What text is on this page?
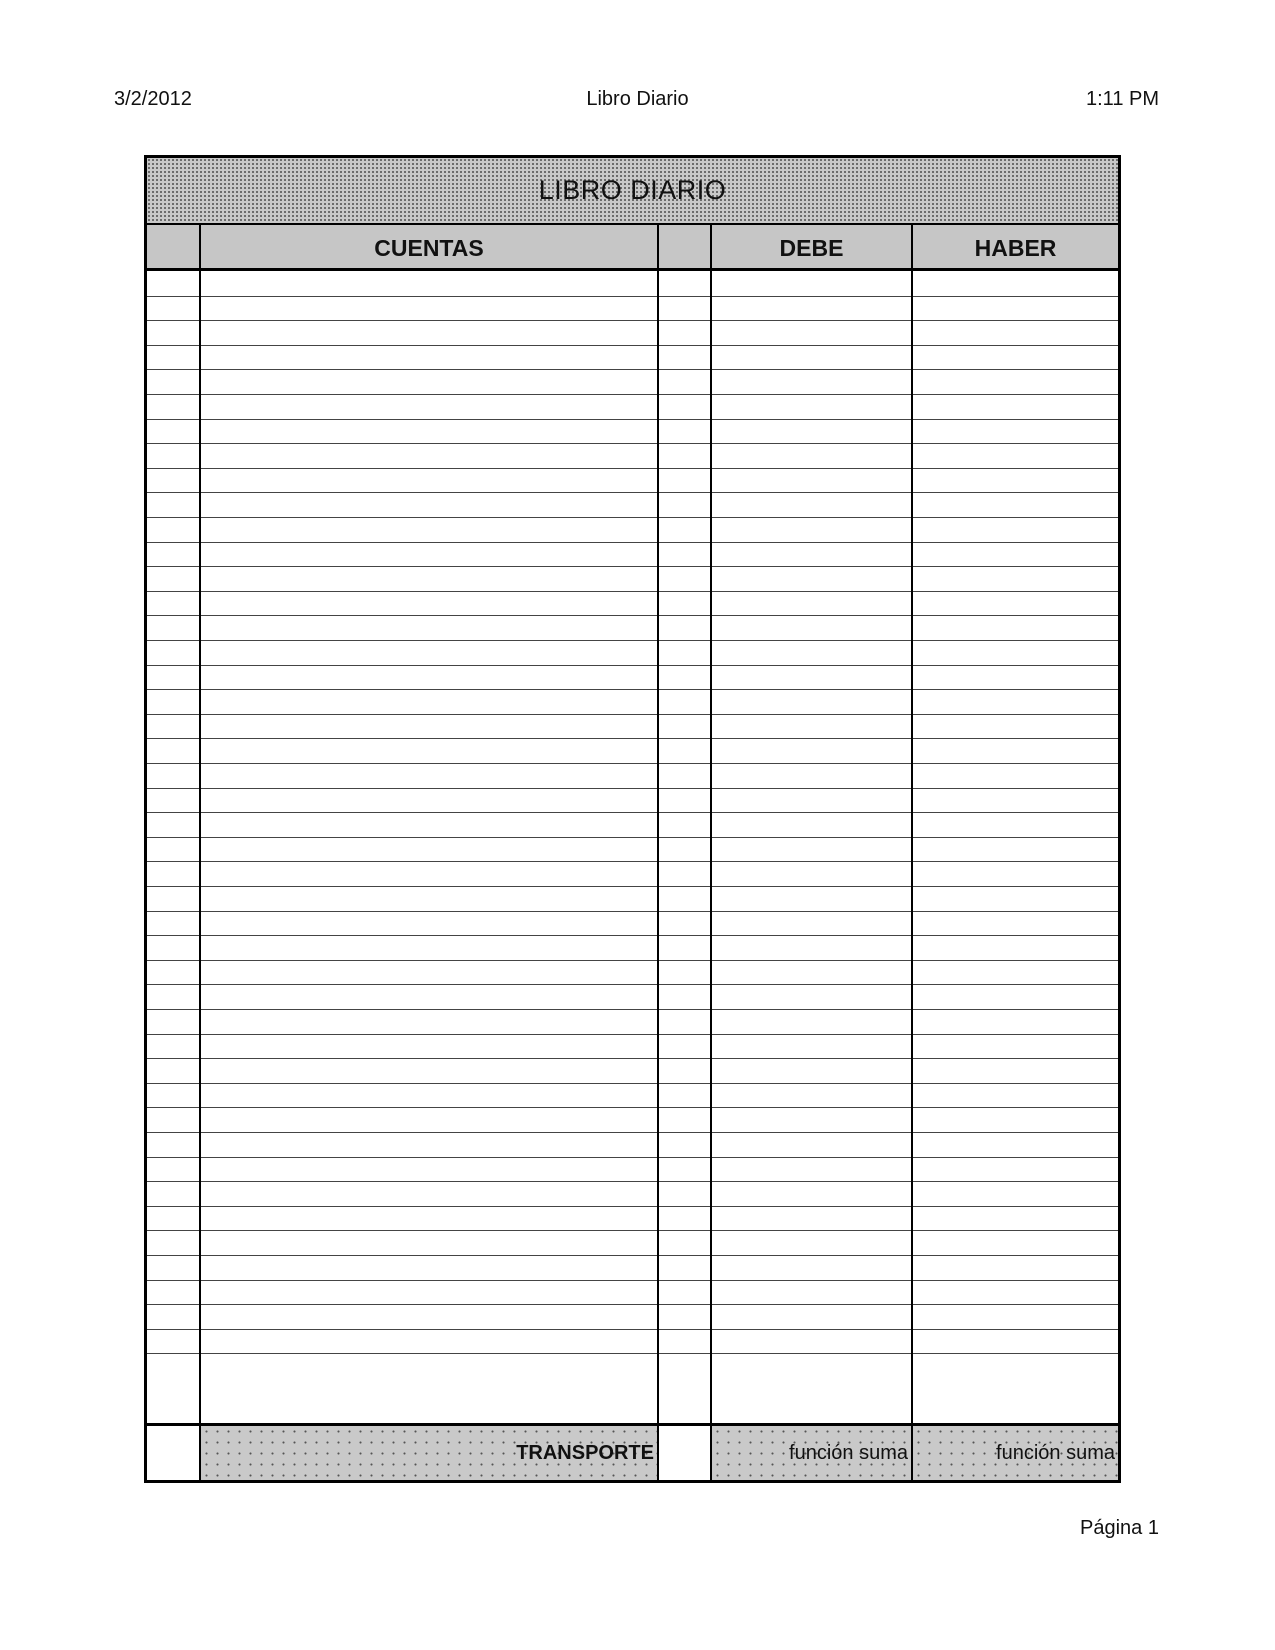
3/2/2012	Libro Diario	1:11 PM
LIBRO DIARIO
CUENTAS	DEBE	HABER
TRANSPORTE	función suma	función suma
Página 1
